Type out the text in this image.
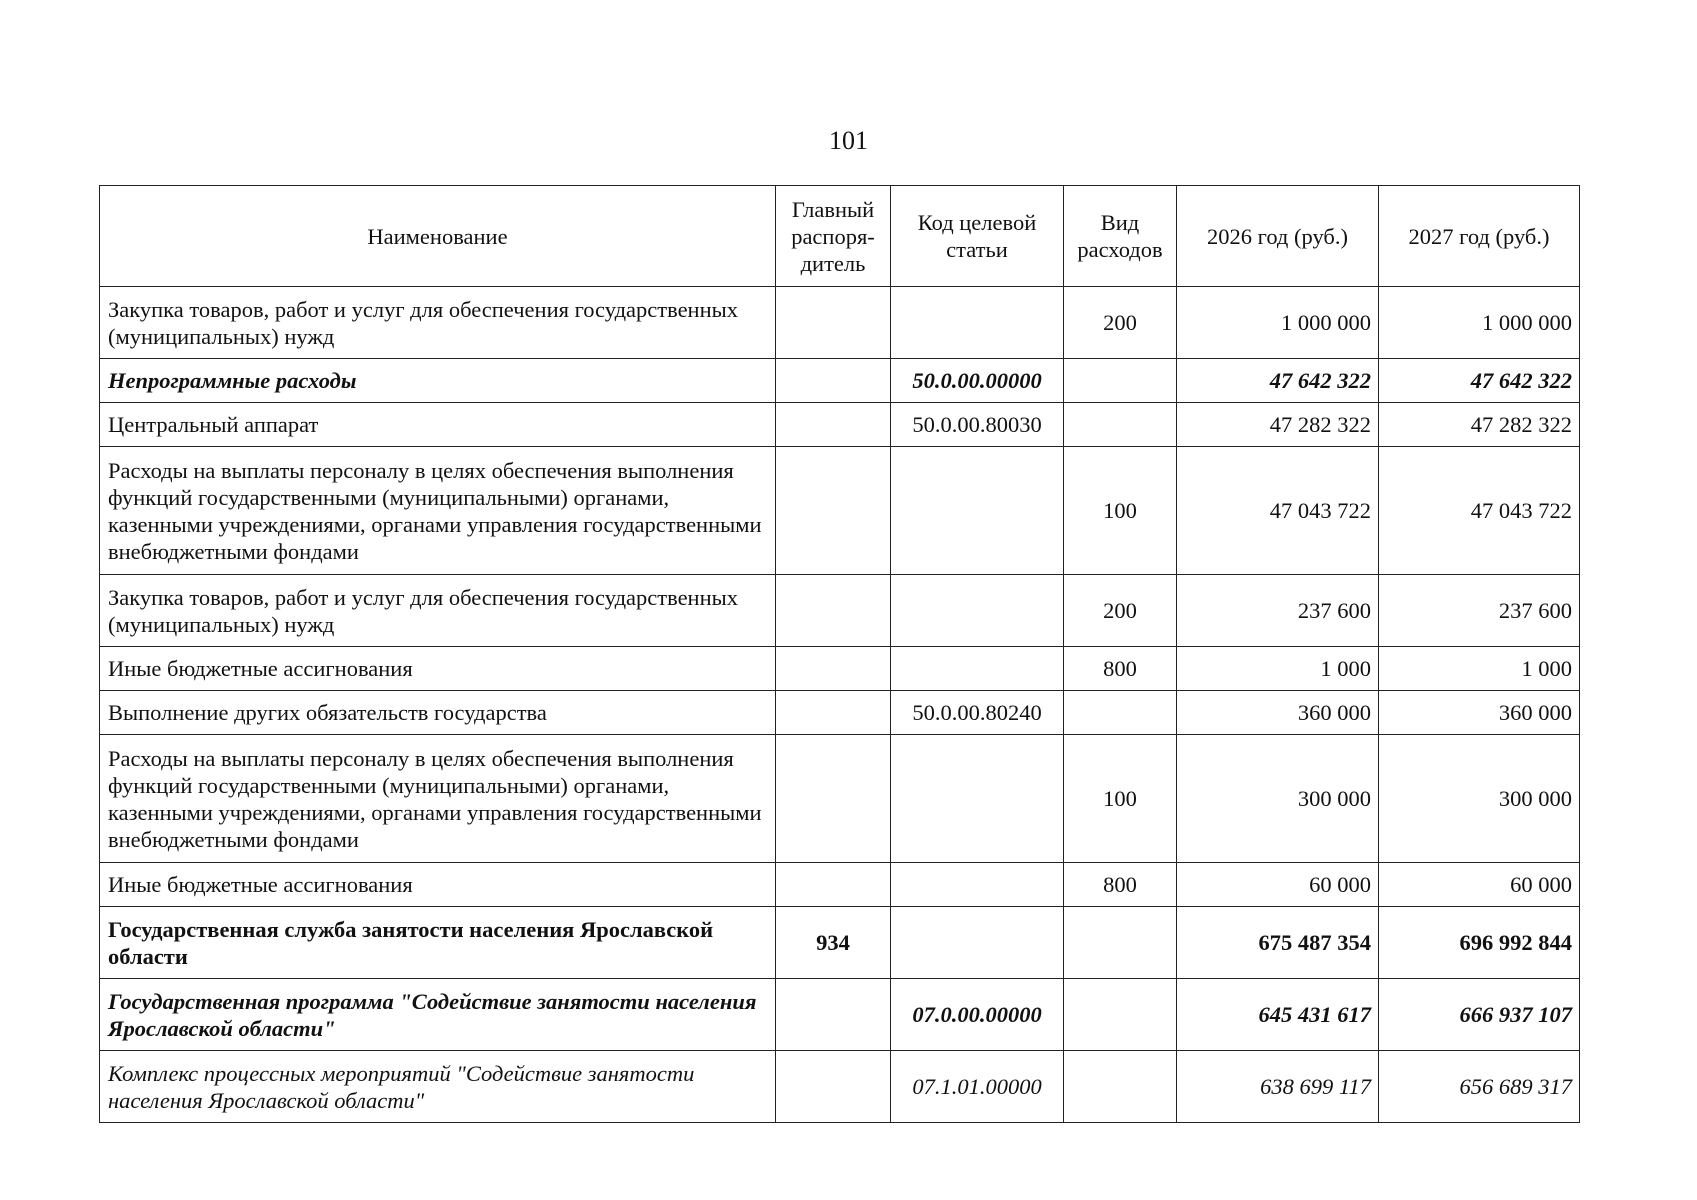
101
Наименование	Главный распоря-дитель	Код целевой статьи	Вид расходов	2026 год (руб.)	2027 год (руб.)
Закупка товаров, работ и услуг для обеспечения государственных (муниципальных) нужд			200	1 000 000	1 000 000
Непрограммные расходы		50.0.00.00000		47 642 322	47 642 322
Центральный аппарат		50.0.00.80030		47 282 322	47 282 322
Расходы на выплаты персоналу в целях обеспечения выполнения функций государственными (муниципальными) органами, казенными учреждениями, органами управления государственными внебюджетными фондами			100	47 043 722	47 043 722
Закупка товаров, работ и услуг для обеспечения государственных (муниципальных) нужд			200	237 600	237 600
Иные бюджетные ассигнования			800	1 000	1 000
Выполнение других обязательств государства		50.0.00.80240		360 000	360 000
Расходы на выплаты персоналу в целях обеспечения выполнения функций государственными (муниципальными) органами, казенными учреждениями, органами управления государственными внебюджетными фондами			100	300 000	300 000
Иные бюджетные ассигнования			800	60 000	60 000
Государственная служба занятости населения Ярославской области	934			675 487 354	696 992 844
Государственная программа "Содействие занятости населения Ярославской области"		07.0.00.00000		645 431 617	666 937 107
Комплекс процессных мероприятий "Содействие занятости населения Ярославской области"		07.1.01.00000		638 699 117	656 689 317
